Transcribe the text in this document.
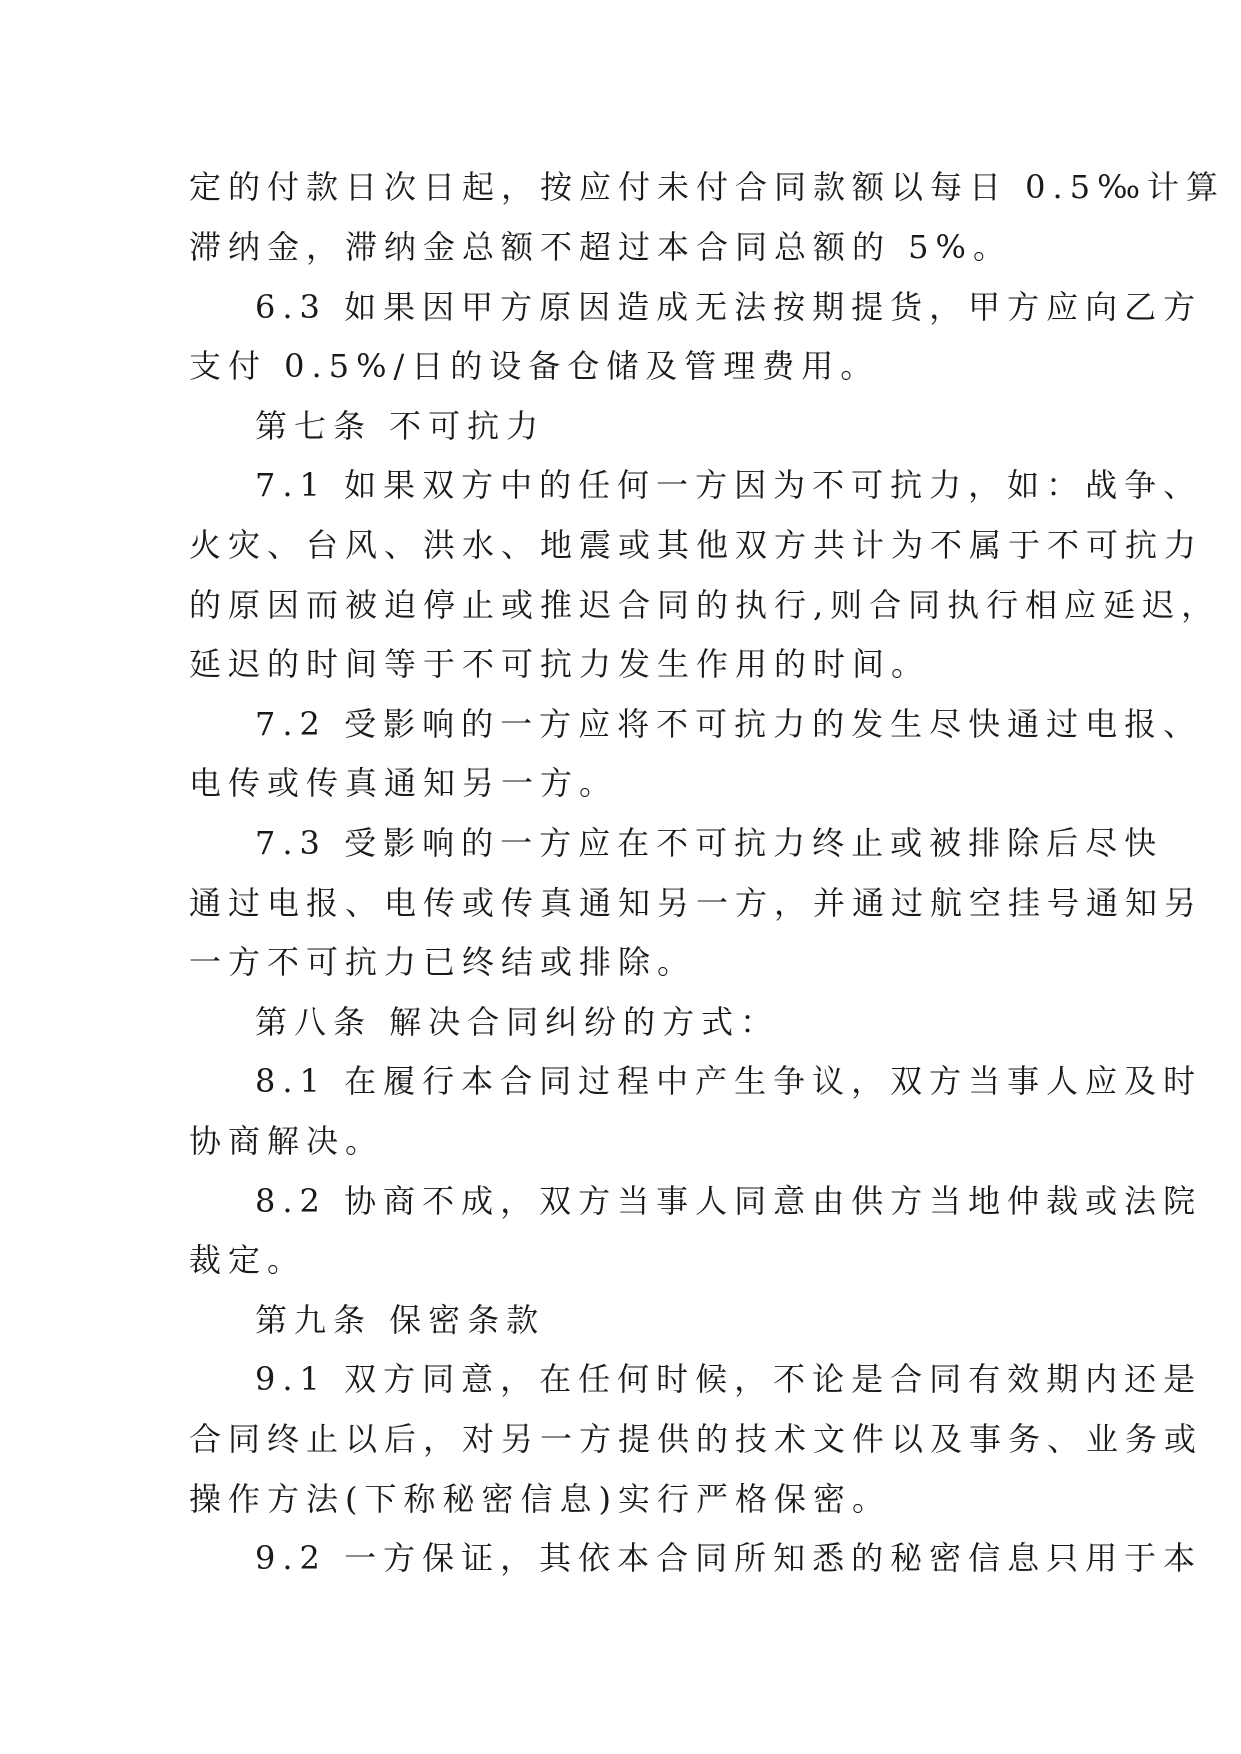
定的付款日次日起，按应付未付合同款额以每日 0.5‰计算
滞纳金，滞纳金总额不超过本合同总额的 5%。
6.3 如果因甲方原因造成无法按期提货，甲方应向乙方
支付 0.5%/日的设备仓储及管理费用。
第七条 不可抗力
7.1 如果双方中的任何一方因为不可抗力，如：战争、
火灾、台风、洪水、地震或其他双方共计为不属于不可抗力
的原因而被迫停止或推迟合同的执行,则合同执行相应延迟，
延迟的时间等于不可抗力发生作用的时间。
7.2 受影响的一方应将不可抗力的发生尽快通过电报、
电传或传真通知另一方。
7.3 受影响的一方应在不可抗力终止或被排除后尽快
通过电报、电传或传真通知另一方，并通过航空挂号通知另
一方不可抗力已终结或排除。
第八条 解决合同纠纷的方式：
8.1 在履行本合同过程中产生争议，双方当事人应及时
协商解决。
8.2 协商不成，双方当事人同意由供方当地仲裁或法院
裁定。
第九条 保密条款
9.1 双方同意，在任何时候，不论是合同有效期内还是
合同终止以后，对另一方提供的技术文件以及事务、业务或
操作方法(下称秘密信息)实行严格保密。
9.2 一方保证，其依本合同所知悉的秘密信息只用于本
